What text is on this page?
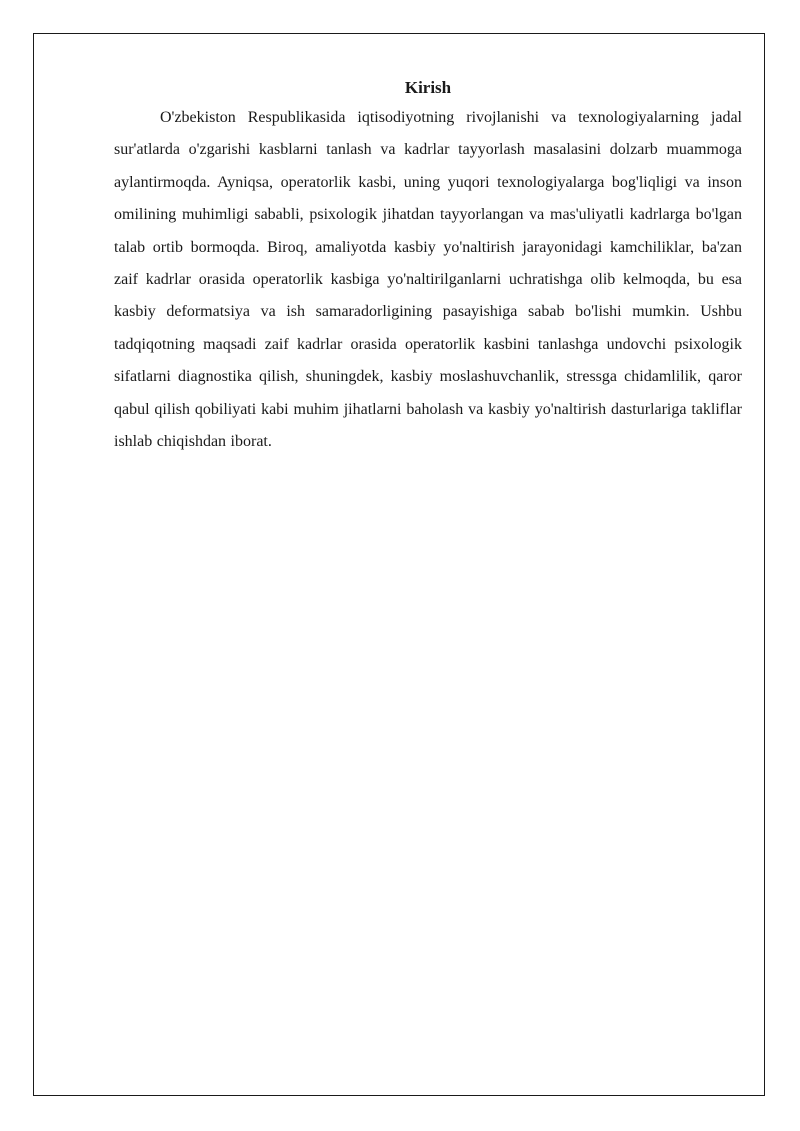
Kirish

O'zbekiston Respublikasida iqtisodiyotning rivojlanishi va texnologiyalarning jadal sur'atlarda o'zgarishi kasblarni tanlash va kadrlar tayyorlash masalasini dolzarb muammoga aylantirmoqda. Ayniqsa, operatorlik kasbi, uning yuqori texnologiyalarga bog'liqligi va inson omilining muhimligi sababli, psixologik jihatdan tayyorlangan va mas'uliyatli kadrlarga bo'lgan talab ortib bormoqda. Biroq, amaliyotda kasbiy yo'naltirish jarayonidagi kamchiliklar, ba'zan zaif kadrlar orasida operatorlik kasbiga yo'naltirilganlarni uchratishga olib kelmoqda, bu esa kasbiy deformatsiya va ish samaradorligining pasayishiga sabab bo'lishi mumkin. Ushbu tadqiqotning maqsadi zaif kadrlar orasida operatorlik kasbini tanlashga undovchi psixologik sifatlarni diagnostika qilish, shuningdek, kasbiy moslashuvchanlik, stressga chidamlilik, qaror qabul qilish qobiliyati kabi muhim jihatlarni baholash va kasbiy yo'naltirish dasturlariga takliflar ishlab chiqishdan iborat.
